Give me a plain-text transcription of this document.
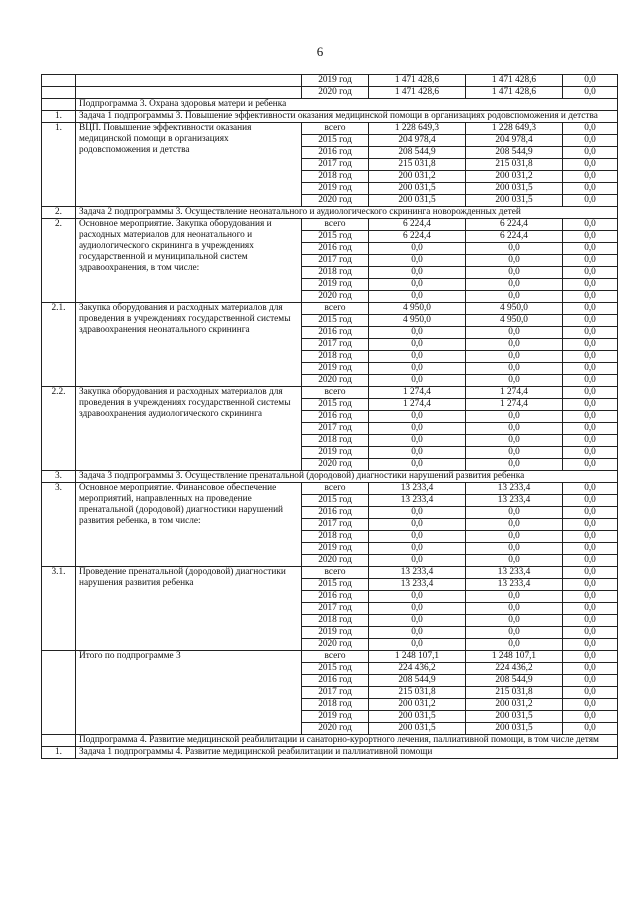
6
		2019 год	1 471 428,6	1 471 428,6	0,0
		2020 год	1 471 428,6	1 471 428,6	0,0
	Подпрограмма 3. Охрана здоровья матери и ребенка				
1.	Задача 1 подпрограммы 3. Повышение эффективности оказания медицинской помощи в организациях родовспоможения и детства				
1.	ВЦП. Повышение эффективности оказания медицинской помощи в организациях родовспоможения и детства	всего	1 228 649,3	1 228 649,3	0,0
		2015 год	204 978,4	204 978,4	0,0
		2016 год	208 544,9	208 544,9	0,0
		2017 год	215 031,8	215 031,8	0,0
		2018 год	200 031,2	200 031,2	0,0
		2019 год	200 031,5	200 031,5	0,0
		2020 год	200 031,5	200 031,5	0,0
2.	Задача 2 подпрограммы 3. Осуществление неонатального и аудиологического скрининга новорожденных детей				
2.	Основное мероприятие. Закупка оборудования и расходных материалов для неонатального и аудиологического скрининга в учреждениях государственной и муниципальной систем здравоохранения, в том числе:	всего	6 224,4	6 224,4	0,0
		2015 год	6 224,4	6 224,4	0,0
		2016 год	0,0	0,0	0,0
		2017 год	0,0	0,0	0,0
		2018 год	0,0	0,0	0,0
		2019 год	0,0	0,0	0,0
		2020 год	0,0	0,0	0,0
2.1.	Закупка оборудования и расходных материалов для проведения в учреждениях государственной системы здравоохранения неонатального скрининга	всего	4 950,0	4 950,0	0,0
		2015 год	4 950,0	4 950,0	0,0
		2016 год	0,0	0,0	0,0
		2017 год	0,0	0,0	0,0
		2018 год	0,0	0,0	0,0
		2019 год	0,0	0,0	0,0
		2020 год	0,0	0,0	0,0
2.2.	Закупка оборудования и расходных материалов для проведения в учреждениях государственной системы здравоохранения аудиологического скрининга	всего	1 274,4	1 274,4	0,0
		2015 год	1 274,4	1 274,4	0,0
		2016 год	0,0	0,0	0,0
		2017 год	0,0	0,0	0,0
		2018 год	0,0	0,0	0,0
		2019 год	0,0	0,0	0,0
		2020 год	0,0	0,0	0,0
3.	Задача 3 подпрограммы 3. Осуществление пренатальной (дородовой) диагностики нарушений развития ребенка				
3.	Основное мероприятие. Финансовое обеспечение мероприятий, направленных на проведение пренатальной (дородовой) диагностики нарушений развития ребенка, в том числе:	всего	13 233,4	13 233,4	0,0
		2015 год	13 233,4	13 233,4	0,0
		2016 год	0,0	0,0	0,0
		2017 год	0,0	0,0	0,0
		2018 год	0,0	0,0	0,0
		2019 год	0,0	0,0	0,0
		2020 год	0,0	0,0	0,0
3.1.	Проведение пренатальной (дородовой) диагностики нарушения развития ребенка	всего	13 233,4	13 233,4	0,0
		2015 год	13 233,4	13 233,4	0,0
		2016 год	0,0	0,0	0,0
		2017 год	0,0	0,0	0,0
		2018 год	0,0	0,0	0,0
		2019 год	0,0	0,0	0,0
		2020 год	0,0	0,0	0,0
	Итого по подпрограмме 3	всего	1 248 107,1	1 248 107,1	0,0
		2015 год	224 436,2	224 436,2	0,0
		2016 год	208 544,9	208 544,9	0,0
		2017 год	215 031,8	215 031,8	0,0
		2018 год	200 031,2	200 031,2	0,0
		2019 год	200 031,5	200 031,5	0,0
		2020 год	200 031,5	200 031,5	0,0
	Подпрограмма 4. Развитие медицинской реабилитации и санаторно-курортного лечения, паллиативной помощи, в том числе детям				
1.	Задача 1 подпрограммы 4. Развитие медицинской реабилитации и паллиативной помощи				
